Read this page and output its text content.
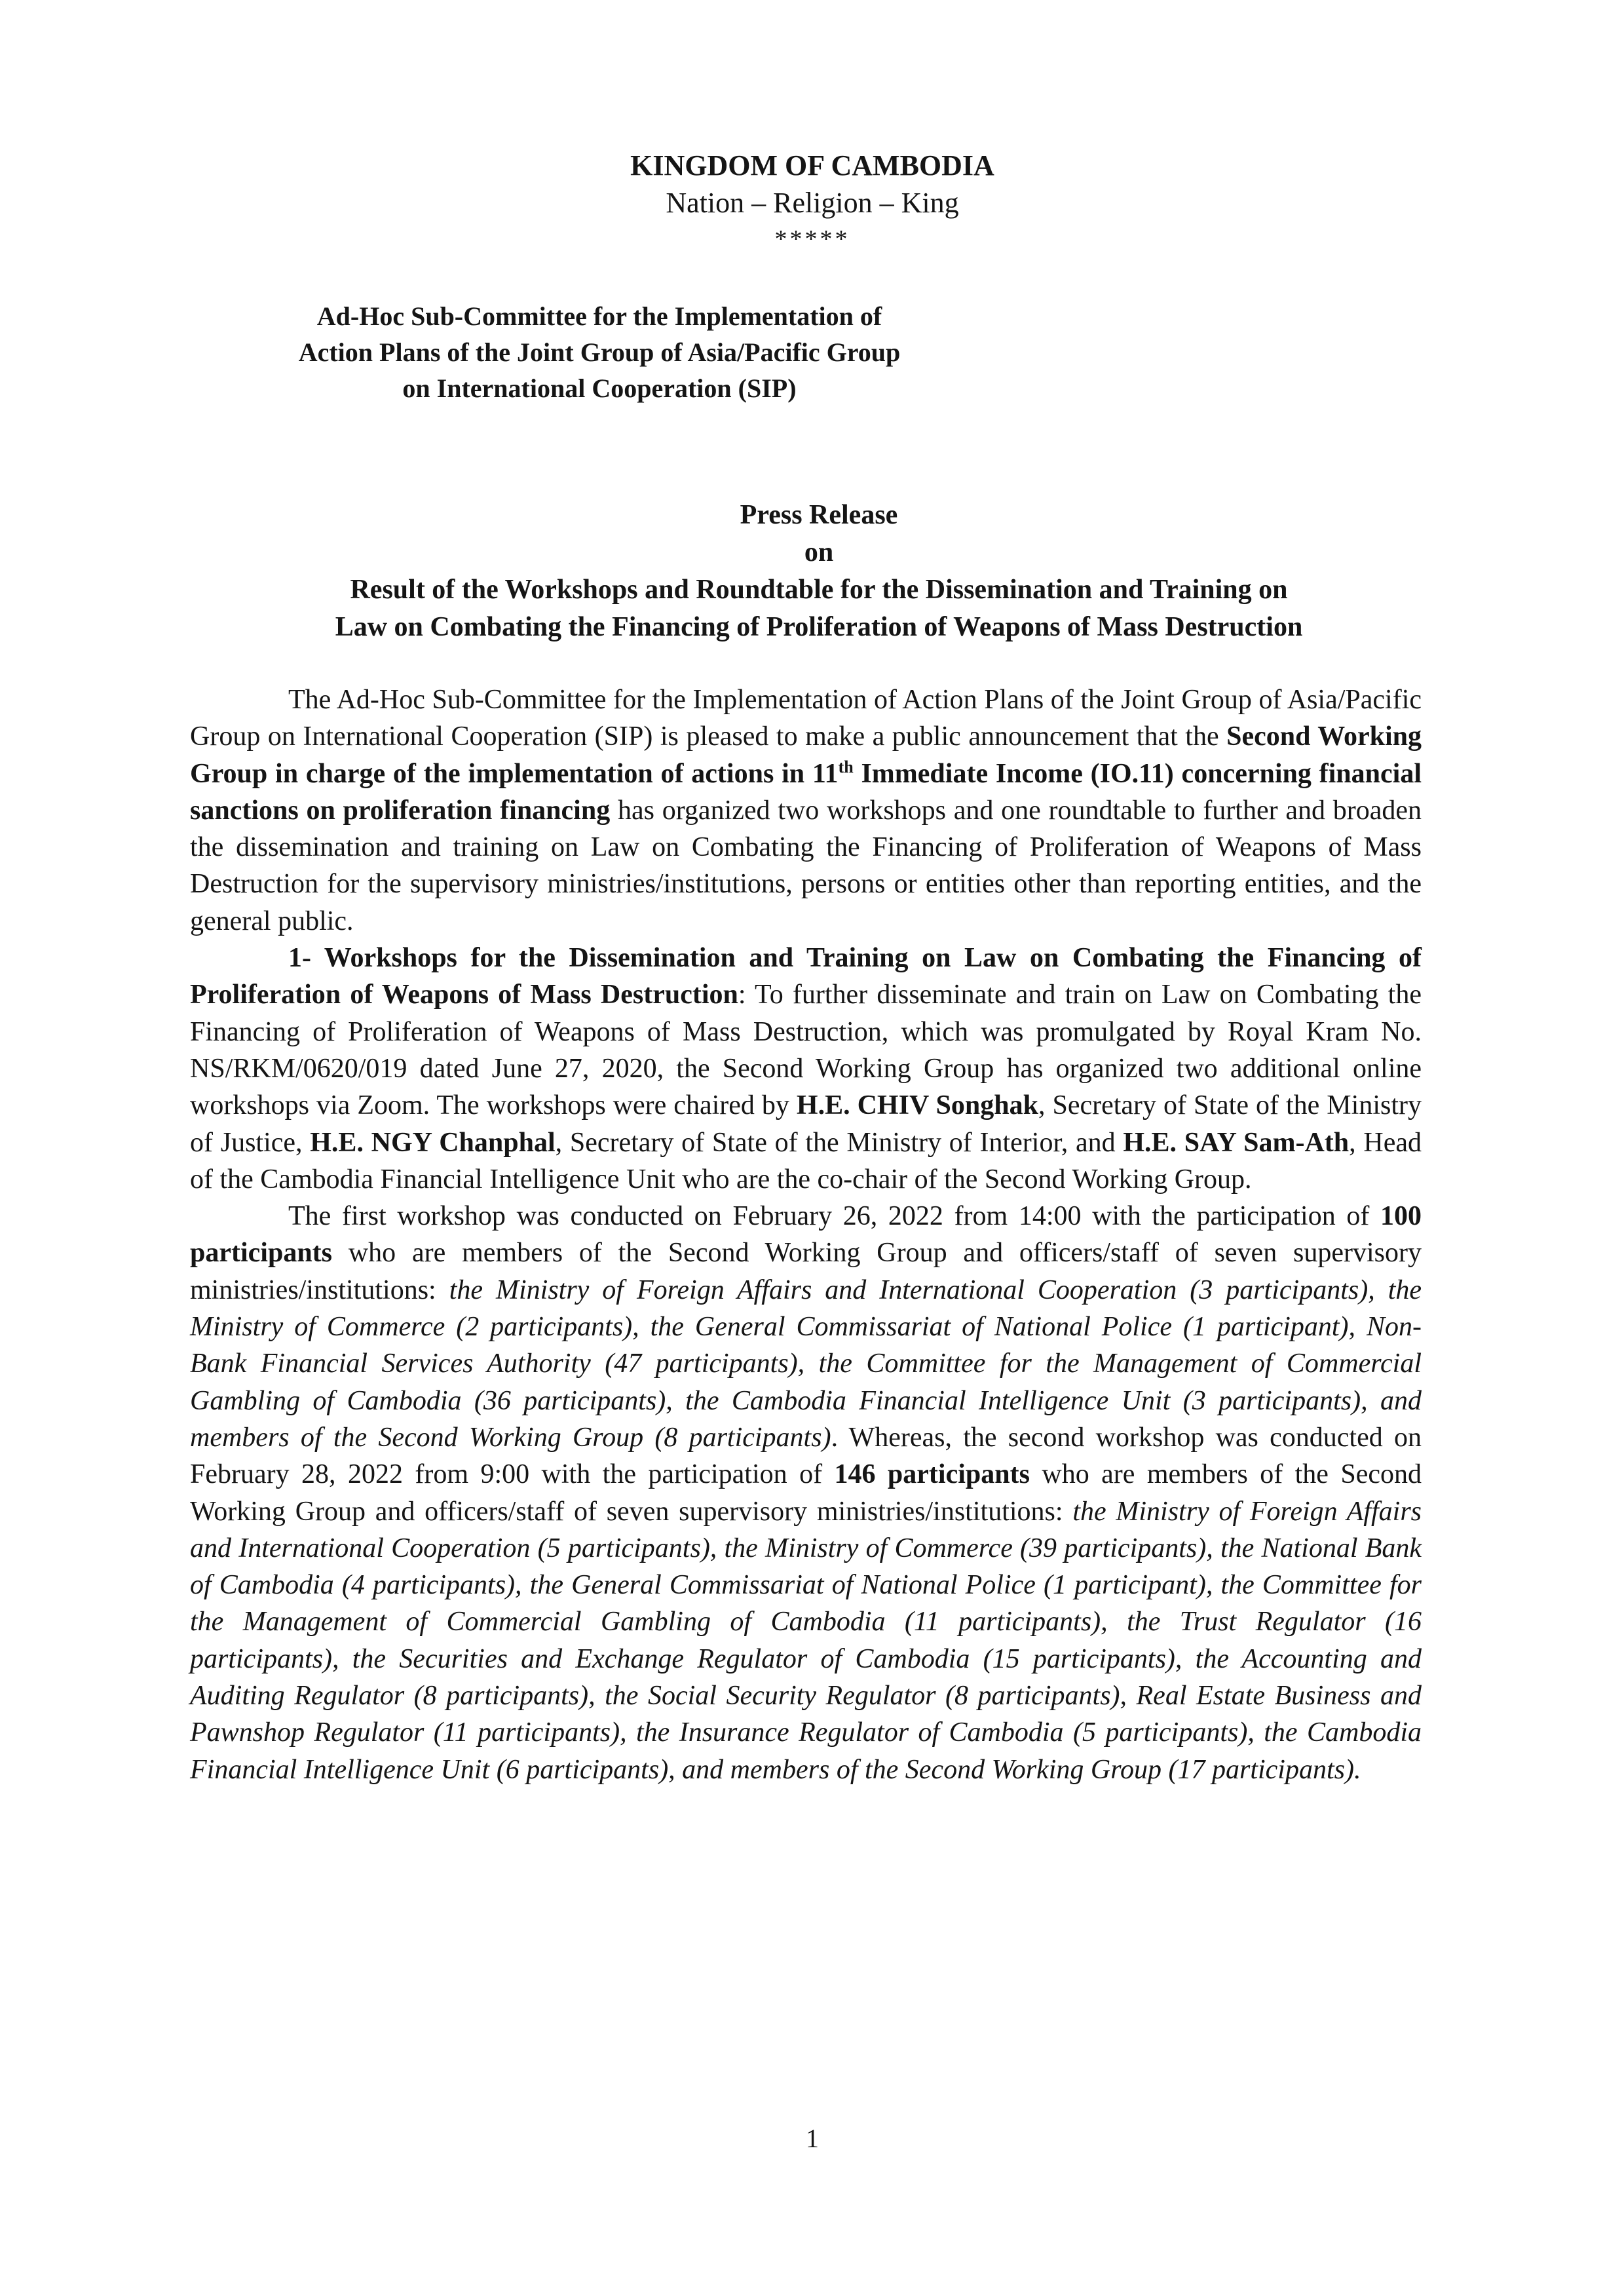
KINGDOM OF CAMBODIA
Nation – Religion – King
*****
Ad-Hoc Sub-Committee for the Implementation of
Action Plans of the Joint Group of Asia/Pacific Group
on International Cooperation (SIP)
Press Release
on
Result of the Workshops and Roundtable for the Dissemination and Training on
Law on Combating the Financing of Proliferation of Weapons of Mass Destruction

The Ad-Hoc Sub-Committee for the Implementation of Action Plans of the Joint Group of Asia/Pacific Group on International Cooperation (SIP) is pleased to make a public announcement that the Second Working Group in charge of the implementation of actions in 11th Immediate Income (IO.11) concerning financial sanctions on proliferation financing has organized two workshops and one roundtable to further and broaden the dissemination and training on Law on Combating the Financing of Proliferation of Weapons of Mass Destruction for the supervisory ministries/institutions, persons or entities other than reporting entities, and the general public.

1- Workshops for the Dissemination and Training on Law on Combating the Financing of Proliferation of Weapons of Mass Destruction: To further disseminate and train on Law on Combating the Financing of Proliferation of Weapons of Mass Destruction, which was promulgated by Royal Kram No. NS/RKM/0620/019 dated June 27, 2020, the Second Working Group has organized two additional online workshops via Zoom. The workshops were chaired by H.E. CHIV Songhak, Secretary of State of the Ministry of Justice, H.E. NGY Chanphal, Secretary of State of the Ministry of Interior, and H.E. SAY Sam-Ath, Head of the Cambodia Financial Intelligence Unit who are the co-chair of the Second Working Group.

The first workshop was conducted on February 26, 2022 from 14:00 with the participation of 100 participants who are members of the Second Working Group and officers/staff of seven supervisory ministries/institutions: the Ministry of Foreign Affairs and International Cooperation (3 participants), the Ministry of Commerce (2 participants), the General Commissariat of National Police (1 participant), Non-Bank Financial Services Authority (47 participants), the Committee for the Management of Commercial Gambling of Cambodia (36 participants), the Cambodia Financial Intelligence Unit (3 participants), and members of the Second Working Group (8 participants). Whereas, the second workshop was conducted on February 28, 2022 from 9:00 with the participation of 146 participants who are members of the Second Working Group and officers/staff of seven supervisory ministries/institutions: the Ministry of Foreign Affairs and International Cooperation (5 participants), the Ministry of Commerce (39 participants), the National Bank of Cambodia (4 participants), the General Commissariat of National Police (1 participant), the Committee for the Management of Commercial Gambling of Cambodia (11 participants), the Trust Regulator (16 participants), the Securities and Exchange Regulator of Cambodia (15 participants), the Accounting and Auditing Regulator (8 participants), the Social Security Regulator (8 participants), Real Estate Business and Pawnshop Regulator (11 participants), the Insurance Regulator of Cambodia (5 participants), the Cambodia Financial Intelligence Unit (6 participants), and members of the Second Working Group (17 participants).

1
